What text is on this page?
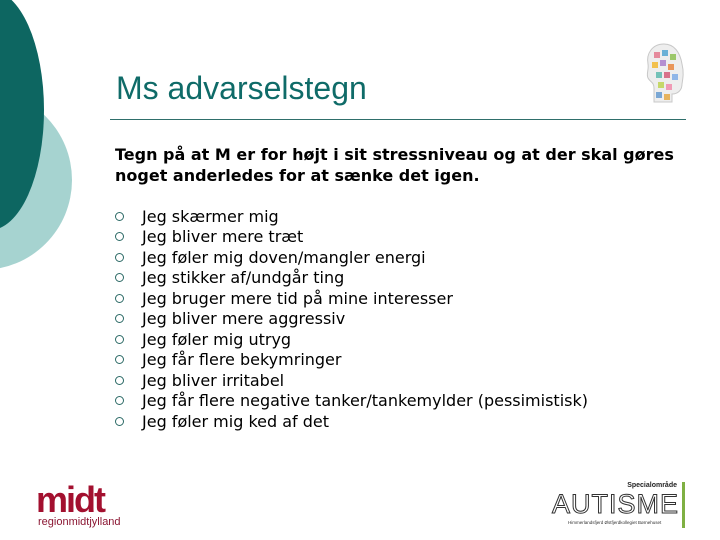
Ms advarselstegn

Tegn på at M er for højt i sit stressniveau og at der skal gøres noget anderledes for at sænke det igen.

Jeg skærmer mig
Jeg bliver mere træt
Jeg føler mig doven/mangler energi
Jeg stikker af/undgår ting
Jeg bruger mere tid på mine interesser
Jeg bliver mere aggressiv
Jeg føler mig utryg
Jeg får flere bekymringer
Jeg bliver irritabel
Jeg får flere negative tanker/tankemylder (pessimistisk)
Jeg føler mig ked af det
midt
regionmidtjylland
Specialområde
AUTISME
Himmerlandsfjerd Østfjerdkollegiet Børnehuset
